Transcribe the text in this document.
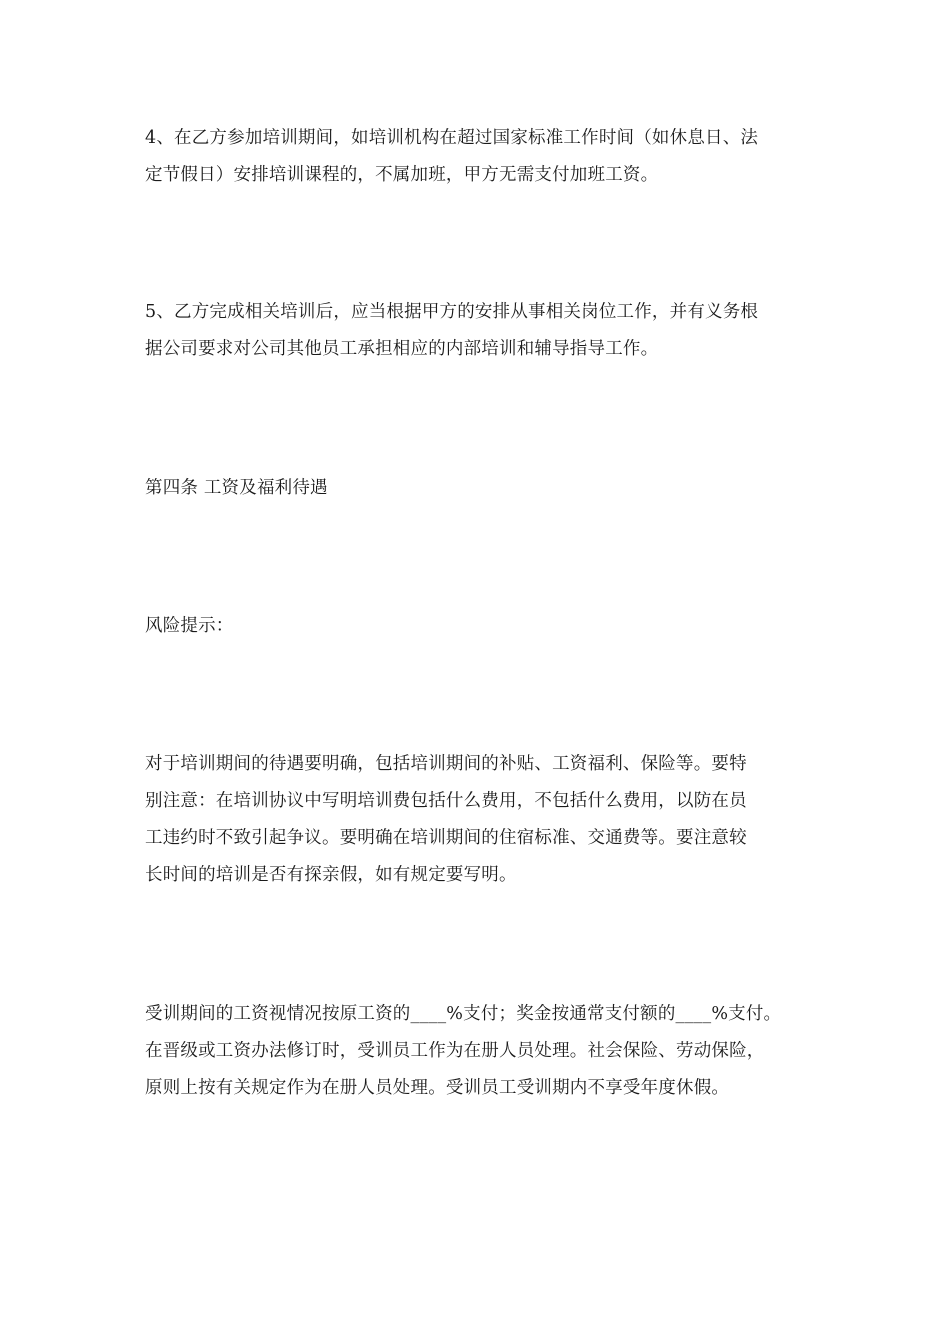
4、在乙方参加培训期间，如培训机构在超过国家标准工作时间（如休息日、法
定节假日）安排培训课程的，不属加班，甲方无需支付加班工资。
5、乙方完成相关培训后，应当根据甲方的安排从事相关岗位工作，并有义务根
据公司要求对公司其他员工承担相应的内部培训和辅导指导工作。
第四条 工资及福利待遇
风险提示：
对于培训期间的待遇要明确，包括培训期间的补贴、工资福利、保险等。要特
别注意：在培训协议中写明培训费包括什么费用，不包括什么费用，以防在员
工违约时不致引起争议。要明确在培训期间的住宿标准、交通费等。要注意较
长时间的培训是否有探亲假，如有规定要写明。
受训期间的工资视情况按原工资的____%支付；奖金按通常支付额的____%支付。
在晋级或工资办法修订时，受训员工作为在册人员处理。社会保险、劳动保险，
原则上按有关规定作为在册人员处理。受训员工受训期内不享受年度休假。
